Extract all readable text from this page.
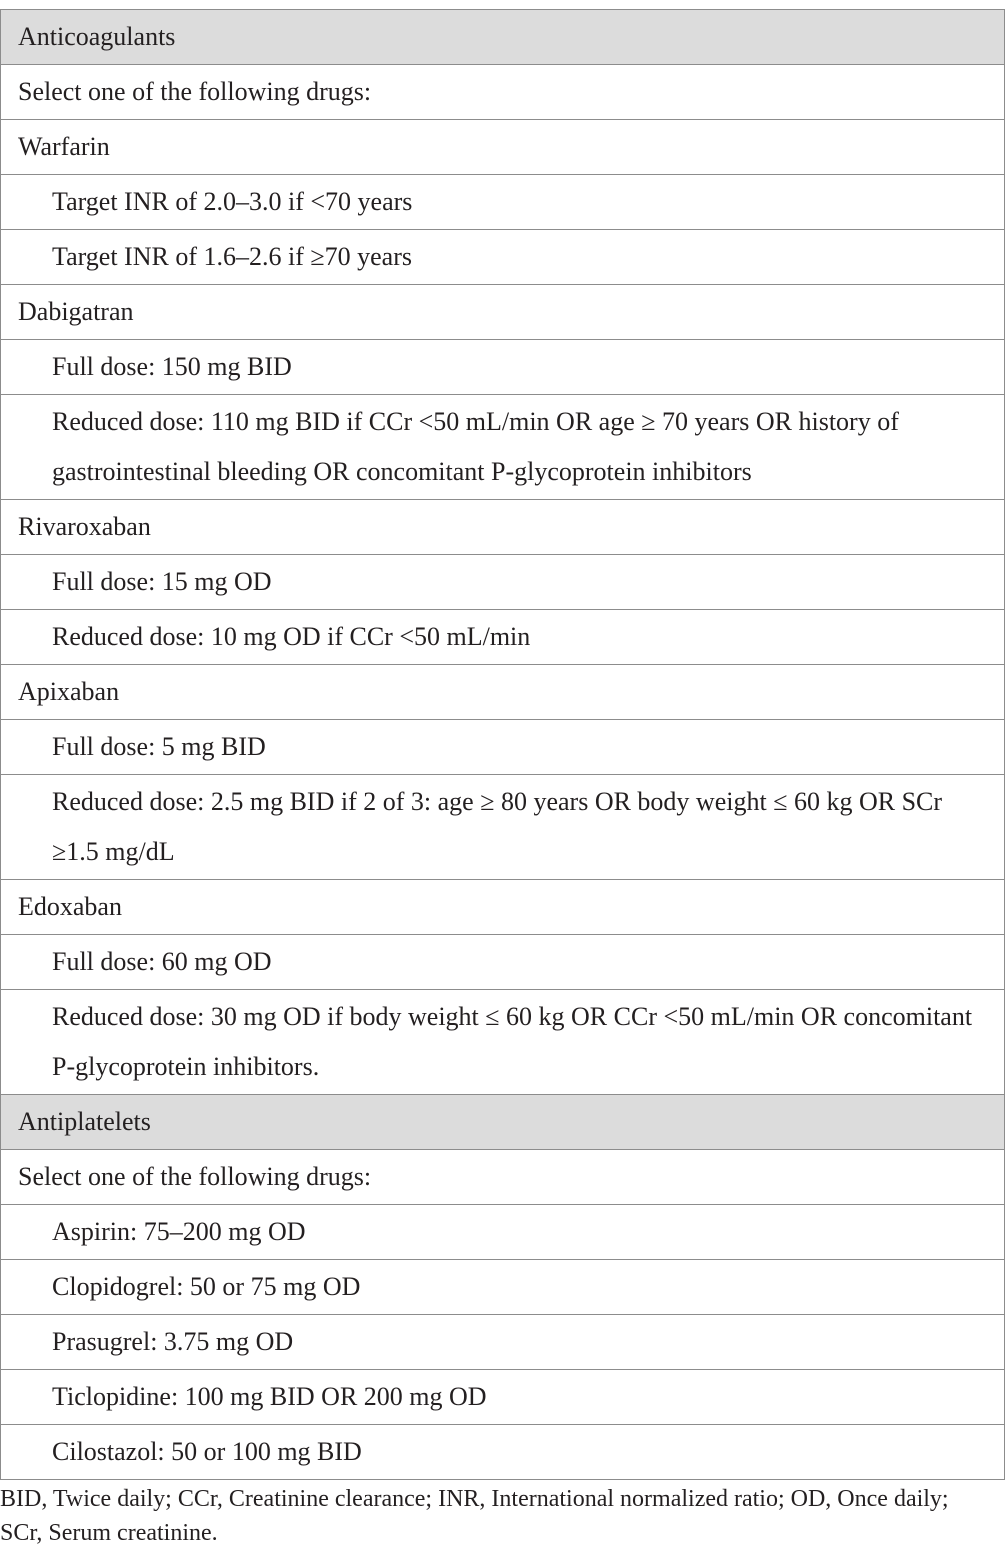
Anticoagulants
Select one of the following drugs:
Warfarin
Target INR of 2.0–3.0 if <70 years
Target INR of 1.6–2.6 if ≥70 years
Dabigatran
Full dose: 150 mg BID
Reduced dose: 110 mg BID if CCr <50 mL/min OR age ≥ 70 years OR history of gastrointestinal bleeding OR concomitant P-glycoprotein inhibitors
Rivaroxaban
Full dose: 15 mg OD
Reduced dose: 10 mg OD if CCr <50 mL/min
Apixaban
Full dose: 5 mg BID
Reduced dose: 2.5 mg BID if 2 of 3: age ≥ 80 years OR body weight ≤ 60 kg OR SCr ≥1.5 mg/dL
Edoxaban
Full dose: 60 mg OD
Reduced dose: 30 mg OD if body weight ≤ 60 kg OR CCr <50 mL/min OR concomitant P-glycoprotein inhibitors.
Antiplatelets
Select one of the following drugs:
Aspirin: 75–200 mg OD
Clopidogrel: 50 or 75 mg OD
Prasugrel: 3.75 mg OD
Ticlopidine: 100 mg BID OR 200 mg OD
Cilostazol: 50 or 100 mg BID
BID, Twice daily; CCr, Creatinine clearance; INR, International normalized ratio; OD, Once daily; SCr, Serum creatinine.
